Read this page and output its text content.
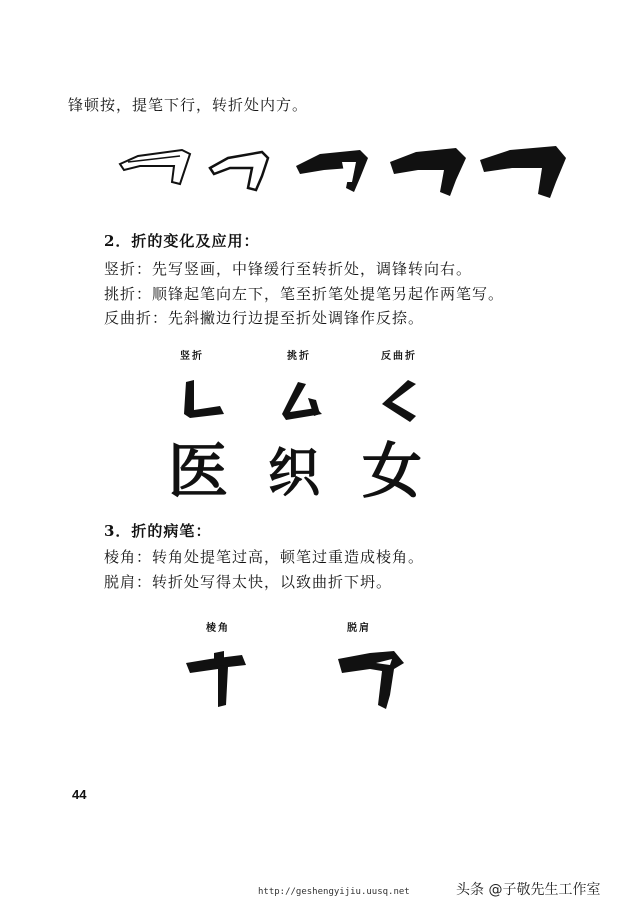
锋顿按，提笔下行，转折处内方。
2．折的变化及应用：
竖折：先写竖画，中锋缓行至转折处，调锋转向右。
挑折：顺锋起笔向左下，笔至折笔处提笔另起作两笔写。
反曲折：先斜撇边行边提至折处调锋作反捺。
竖折	挑折	反曲折
医 织 女
3．折的病笔：
棱角：转角处提笔过高，顿笔过重造成棱角。
脱肩：转折处写得太快，以致曲折下坍。
棱角	脱肩
44
http://geshengyijiu.uusq.net	头条 @子敬先生工作室
